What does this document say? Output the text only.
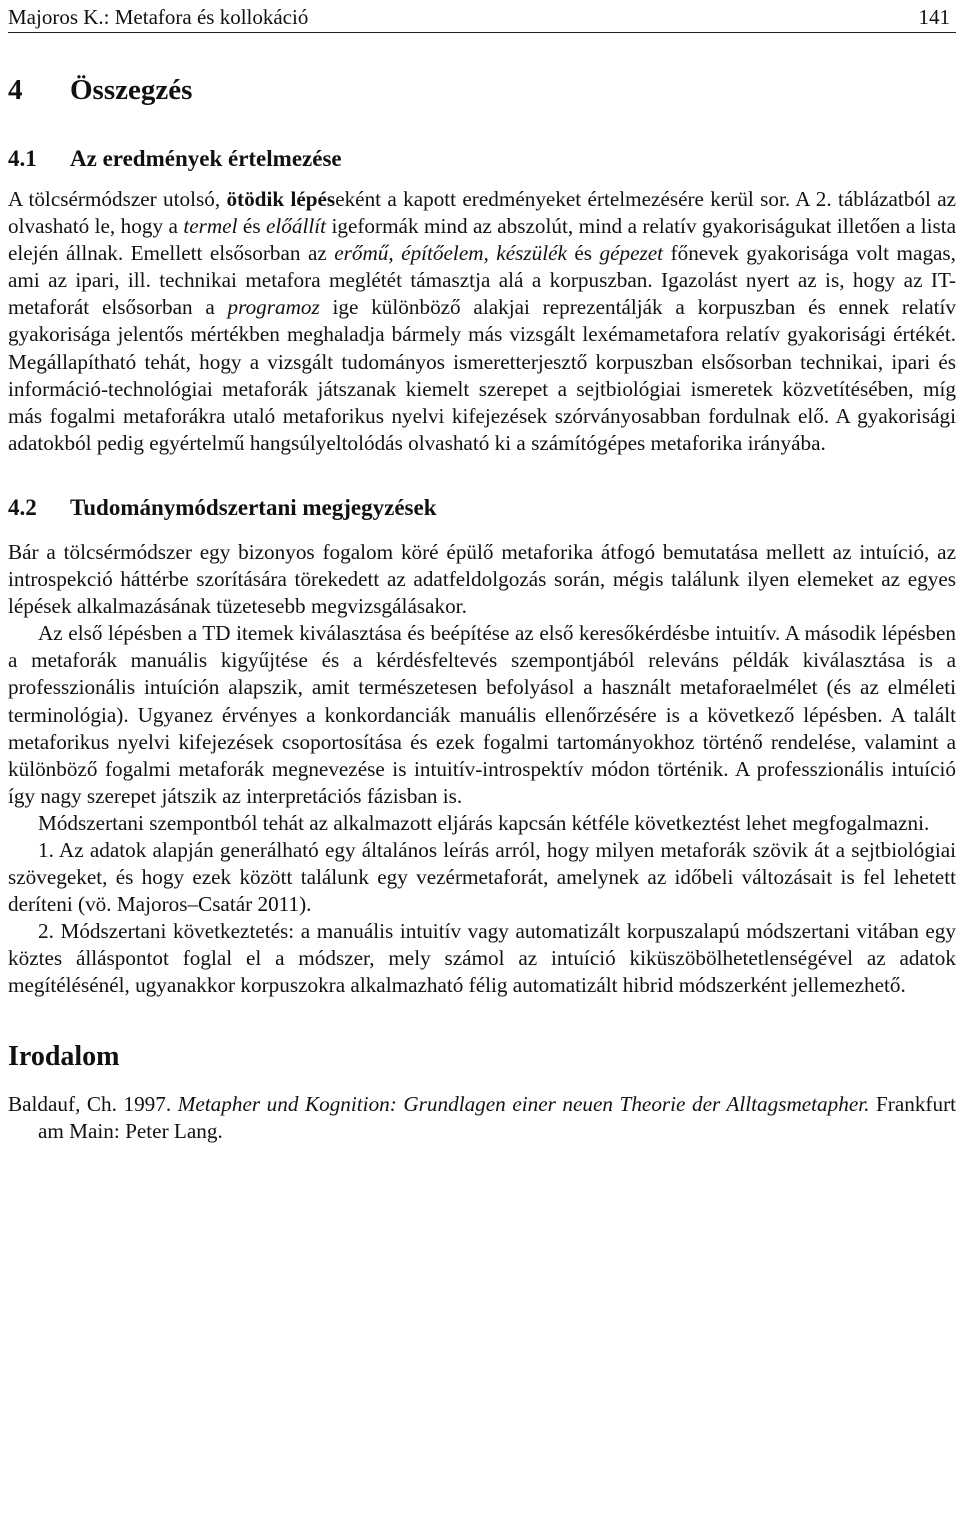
Majoros K.: Metafora és kollokáció	141
4 Összegzés
4.1 Az eredmények értelmezése

A tölcsérmódszer utolsó, ötödik lépéseként a kapott eredményeket értelmezésére kerül sor. A 2. táblázatból az olvasható le, hogy a termel és előállít igeformák mind az abszolút, mind a relatív gyakoriságukat illetően a lista elején állnak. Emellett elsősorban az erőmű, építőelem, készülék és gépezet főnevek gyakorisága volt magas, ami az ipari, ill. technikai metafora meglétét támasztja alá a korpuszban. Igazolást nyert az is, hogy az IT-metaforát elsősorban a programoz ige különböző alakjai reprezentálják a korpuszban és ennek relatív gyakorisága jelentős mértékben meghaladja bármely más vizsgált lexémametafora relatív gyakorisági értékét. Megállapítható tehát, hogy a vizsgált tudományos ismeretterjesztő korpuszban elsősorban technikai, ipari és információ-technológiai metaforák játszanak kiemelt szerepet a sejtbiológiai ismeretek közvetítésében, míg más fogalmi metaforákra utaló metaforikus nyelvi kifejezések szórványosabban fordulnak elő. A gyakorisági adatokból pedig egyértelmű hangsúlyeltolódás olvasható ki a számítógépes metaforika irányába.

4.2 Tudománymódszertani megjegyzések

Bár a tölcsérmódszer egy bizonyos fogalom köré épülő metaforika átfogó bemutatása mellett az intuíció, az introspekció háttérbe szorítására törekedett az adatfeldolgozás során, mégis találunk ilyen elemeket az egyes lépések alkalmazásának tüzetesebb megvizsgálásakor.

Az első lépésben a TD itemek kiválasztása és beépítése az első keresőkérdésbe intuitív. A második lépésben a metaforák manuális kigyűjtése és a kérdésfeltevés szempontjából releváns példák kiválasztása is a professzionális intuíción alapszik, amit természetesen befolyásol a használt metaforaelmélet (és az elméleti terminológia). Ugyanez érvényes a konkordanciák manuális ellenőrzésére is a következő lépésben. A talált metaforikus nyelvi kifejezések csoportosítása és ezek fogalmi tartományokhoz történő rendelése, valamint a különböző fogalmi metaforák megnevezése is intuitív-introspektív módon történik. A professzionális intuíció így nagy szerepet játszik az interpretációs fázisban is.

Módszertani szempontból tehát az alkalmazott eljárás kapcsán kétféle következtést lehet megfogalmazni.

1. Az adatok alapján generálható egy általános leírás arról, hogy milyen metaforák szövik át a sejtbiológiai szövegeket, és hogy ezek között találunk egy vezérmetaforát, amelynek az időbeli változásait is fel lehetett deríteni (vö. Majoros–Csatár 2011).

2. Módszertani következtetés: a manuális intuitív vagy automatizált korpuszalapú módszertani vitában egy köztes álláspontot foglal el a módszer, mely számol az intuíció kiküszöbölhetetlenségével az adatok megítélésénél, ugyanakkor korpuszokra alkalmazható félig automatizált hibrid módszerként jellemezhető.

Irodalom

Baldauf, Ch. 1997. Metapher und Kognition: Grundlagen einer neuen Theorie der Alltagsmetapher. Frankfurt am Main: Peter Lang.
